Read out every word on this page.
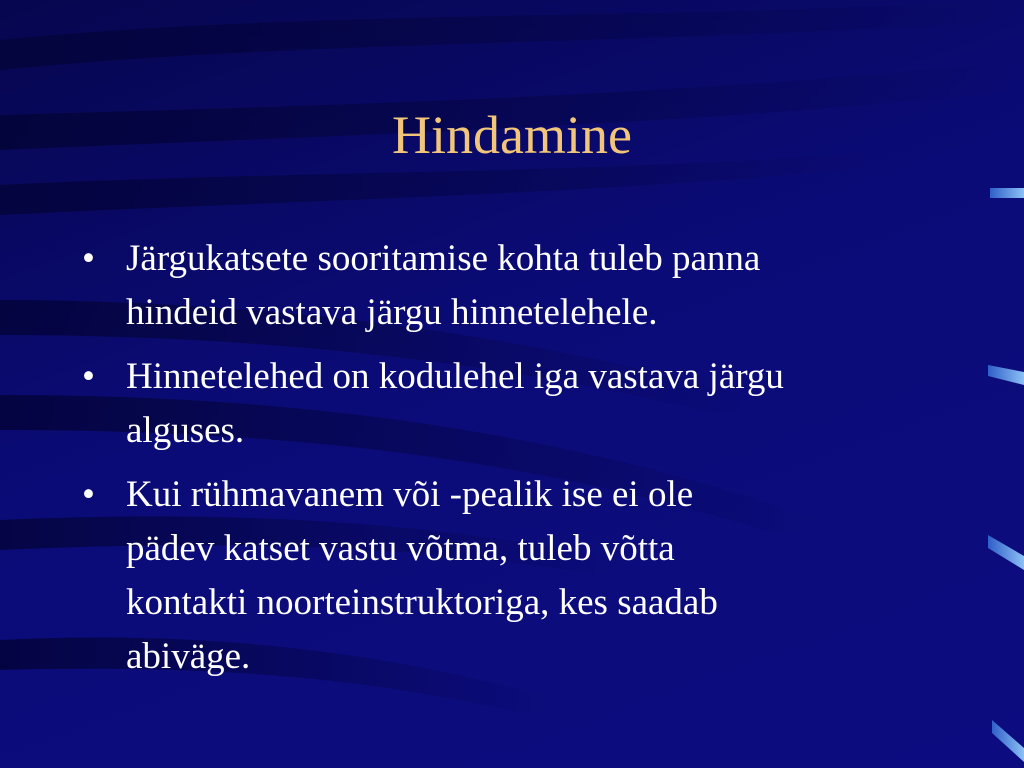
Hindamine
• Järgukatsete sooritamise kohta tuleb panna
hindeid vastava järgu hinnetelehele.
• Hinnetelehed on kodulehel iga vastava järgu
alguses.
• Kui rühmavanem või -pealik ise ei ole
pädev katset vastu võtma, tuleb võtta
kontakti noorteinstruktoriga, kes saadab
abiväge.
